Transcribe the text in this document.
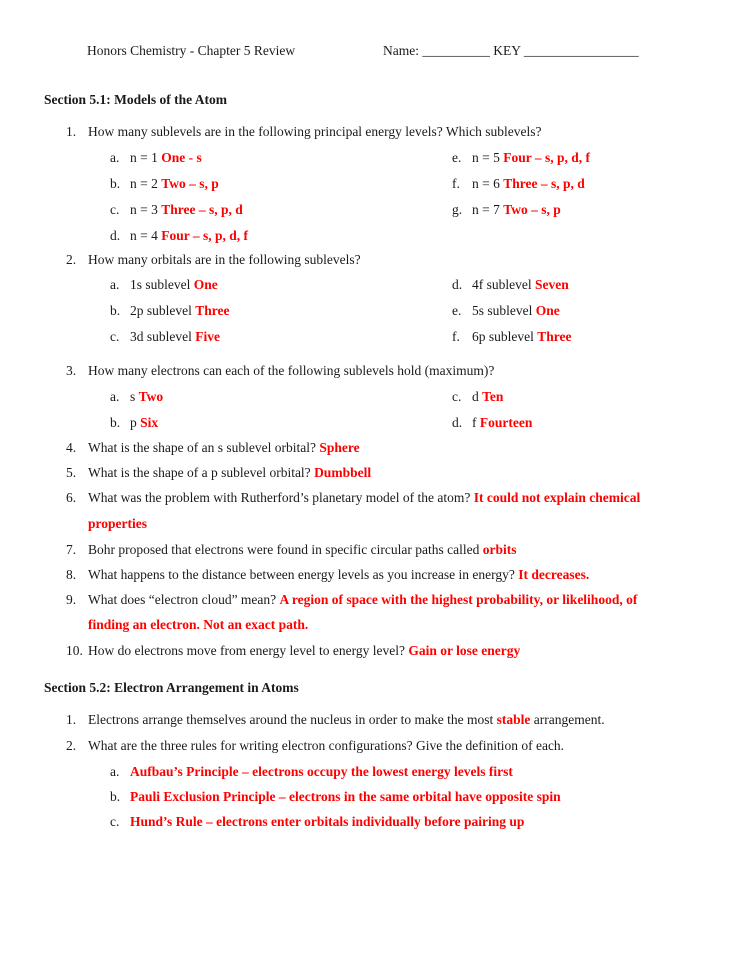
Honors Chemistry - Chapter 5 Review	Name: __________ KEY _________________
Section 5.1: Models of the Atom
1. How many sublevels are in the following principal energy levels? Which sublevels?
a. n = 1 One - s
b. n = 2 Two – s, p
c. n = 3 Three – s, p, d
d. n = 4 Four – s, p, d, f
e. n = 5 Four – s, p, d, f
f. n = 6 Three – s, p, d
g. n = 7 Two – s, p
2. How many orbitals are in the following sublevels?
a. 1s sublevel One
b. 2p sublevel Three
c. 3d sublevel Five
d. 4f sublevel Seven
e. 5s sublevel One
f. 6p sublevel Three
3. How many electrons can each of the following sublevels hold (maximum)?
a. s Two
b. p Six
c. d Ten
d. f Fourteen
4. What is the shape of an s sublevel orbital? Sphere
5. What is the shape of a p sublevel orbital? Dumbbell
6. What was the problem with Rutherford’s planetary model of the atom? It could not explain chemical
properties
7. Bohr proposed that electrons were found in specific circular paths called orbits
8. What happens to the distance between energy levels as you increase in energy? It decreases.
9. What does “electron cloud” mean? A region of space with the highest probability, or likelihood, of
finding an electron. Not an exact path.
10. How do electrons move from energy level to energy level? Gain or lose energy
Section 5.2: Electron Arrangement in Atoms
1. Electrons arrange themselves around the nucleus in order to make the most stable arrangement.
2. What are the three rules for writing electron configurations? Give the definition of each.
a. Aufbau’s Principle – electrons occupy the lowest energy levels first
b. Pauli Exclusion Principle – electrons in the same orbital have opposite spin
c. Hund’s Rule – electrons enter orbitals individually before pairing up
